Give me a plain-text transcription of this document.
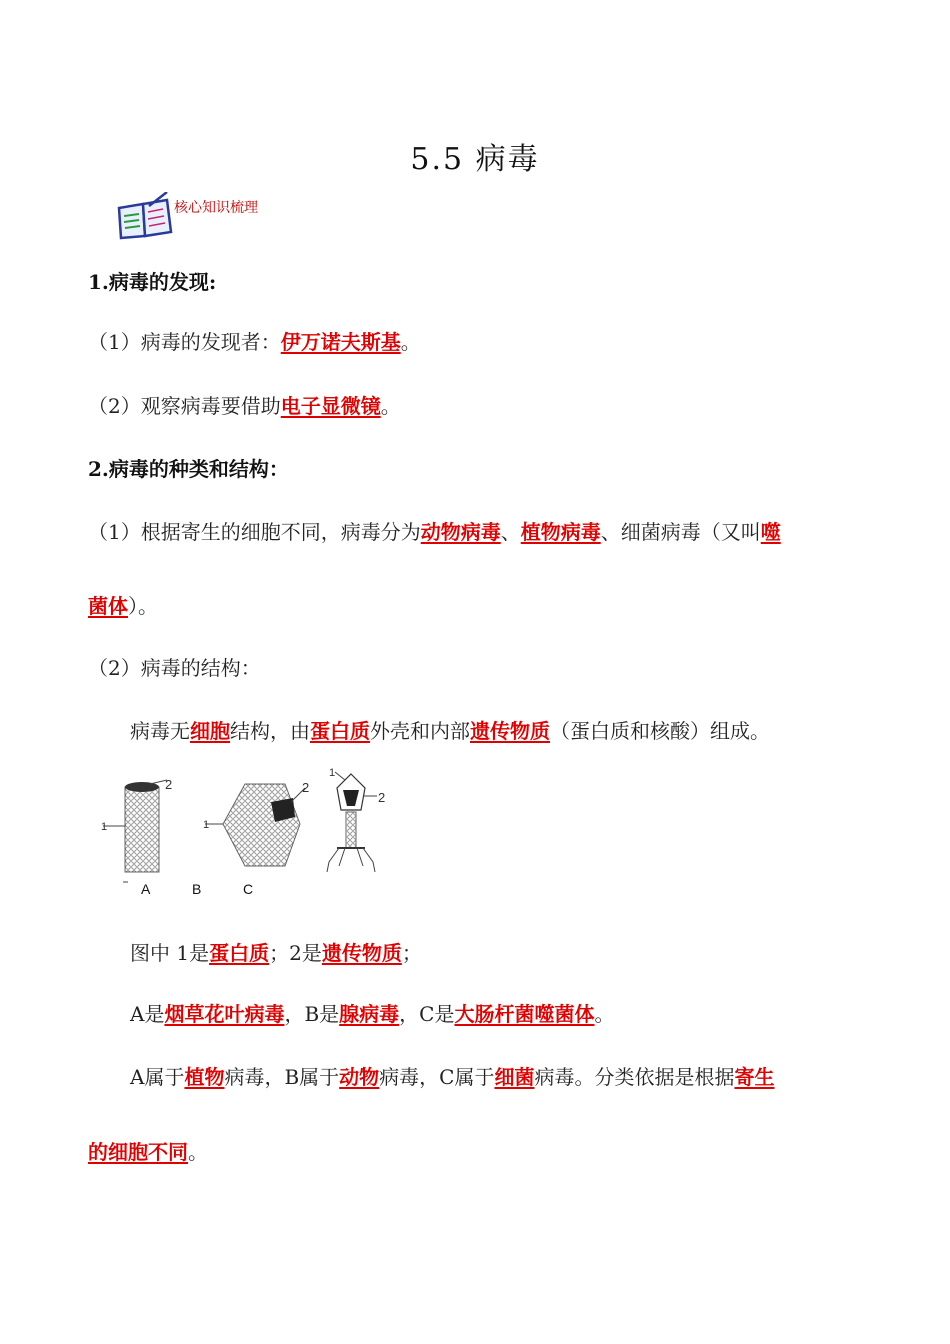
5.5 病毒
核心知识梳理
1.病毒的发现:
（1）病毒的发现者：伊万诺夫斯基。
（2）观察病毒要借助电子显微镜。
2.病毒的种类和结构：
（1）根据寄生的细胞不同，病毒分为动物病毒、植物病毒、细菌病毒（又叫噬
菌体）。
（2）病毒的结构：
病毒无细胞结构，由蛋白质外壳和内部遗传物质（蛋白质和核酸）组成。
1
2
1
2
1
2
A	B	C
图中 1是蛋白质；2是遗传物质；
A是烟草花叶病毒，B是腺病毒，C是大肠杆菌噬菌体。
A属于植物病毒，B属于动物病毒，C属于细菌病毒。分类依据是根据寄生
的细胞不同。
